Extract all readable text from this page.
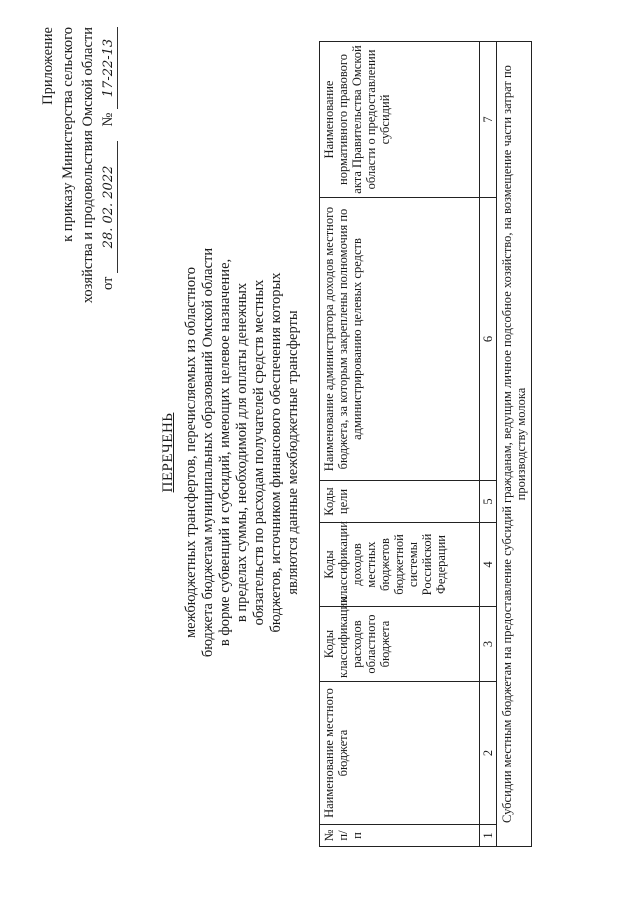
Приложение к приказу Министерства сельского хозяйства и продовольствия Омской области от 28. 02. 2022    № 17-22-13
ПЕРЕЧЕНЬ межбюджетных трансфертов, перечисляемых из областного бюджета бюджетам муниципальных образований Омской области в форме субвенций и субсидий, имеющих целевое назначение, в пределах суммы, необходимой для оплаты денежных обязательств по расходам получателей средств местных бюджетов, источником финансового обеспечения которых являются данные межбюджетные трансферты
№ п/п	Наименование местного бюджета	Коды классификации расходов областного бюджета	Коды классификации доходов местных бюджетов бюджетной системы Российской Федерации	Коды цели	Наименование администратора доходов местного бюджета, за которым закреплены полномочия по администрированию целевых средств	Наименование нормативного правового акта Правительства Омской области о предоставлении субсидий
1	2	3	4	5	6	7
Субсидии местным бюджетам на предоставление субсидий гражданам, ведущим личное подсобное хозяйство, на возмещение части затрат по производству молока						
